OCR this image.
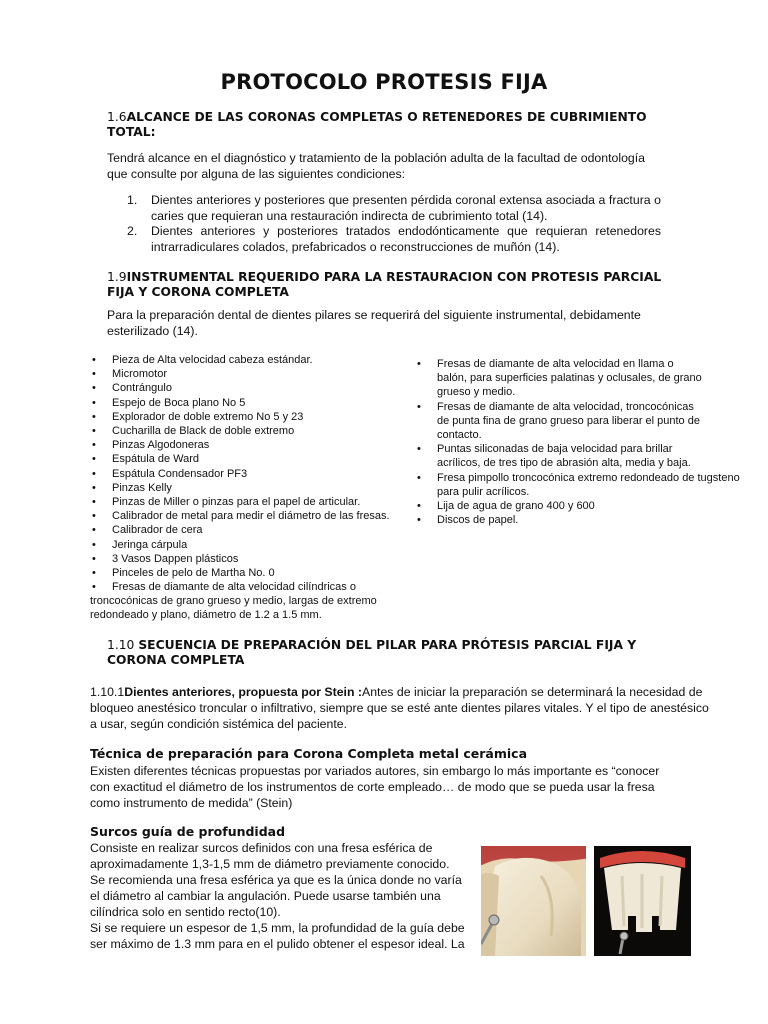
PROTOCOLO PROTESIS FIJA
1.6ALCANCE DE LAS CORONAS COMPLETAS O RETENEDORES DE CUBRIMIENTO
TOTAL:
Tendrá alcance en el diagnóstico y tratamiento de la población adulta de la facultad de odontología
que consulte por alguna de las siguientes condiciones:
1. Dientes anteriores y posteriores que presenten pérdida coronal extensa asociada a fractura o caries que requieran una restauración indirecta de cubrimiento total (14).
2. Dientes anteriores y posteriores tratados endodónticamente que requieran retenedores intrarradiculares colados, prefabricados o reconstrucciones de muñón (14).
1.9INSTRUMENTAL REQUERIDO PARA LA RESTAURACION CON PROTESIS PARCIAL
FIJA Y CORONA COMPLETA
Para la preparación dental de dientes pilares se requerirá del siguiente instrumental, debidamente
esterilizado (14).
• Pieza de Alta velocidad cabeza estándar.
• Micromotor
• Contrángulo
• Espejo de Boca plano No 5
• Explorador de doble extremo No 5 y 23
• Cucharilla de Black de doble extremo
• Pinzas Algodoneras
• Espátula de Ward
• Espátula Condensador PF3
• Pinzas Kelly
• Pinzas de Miller o pinzas para el papel de articular.
• Calibrador de metal para medir el diámetro de las fresas.
• Calibrador de cera
• Jeringa cárpula
• 3 Vasos Dappen plásticos
• Pinceles de pelo de Martha No. 0
• Fresas de diamante de alta velocidad cilíndricas o
troncocónicas de grano grueso y medio, largas de extremo
redondeado y plano, diámetro de 1.2 a 1.5 mm.
• Fresas de diamante de alta velocidad en llama o balón, para superficies palatinas y oclusales, de grano grueso y medio.
• Fresas de diamante de alta velocidad, troncocónicas de punta fina de grano grueso para liberar el punto de contacto.
• Puntas siliconadas de baja velocidad para brillar acrílicos, de tres tipo de abrasión alta, media y baja.
• Fresa pimpollo troncocónica extremo redondeado de tugsteno para pulir acrílicos.
• Lija de agua de grano 400 y 600
• Discos de papel.
1.10 SECUENCIA DE PREPARACIÓN DEL PILAR PARA PRÓTESIS PARCIAL FIJA Y
CORONA COMPLETA
1.10.1Dientes anteriores, propuesta por Stein :Antes de iniciar la preparación se determinará la necesidad de
bloqueo anestésico troncular o infiltrativo, siempre que se esté ante dientes pilares vitales. Y el tipo de anestésico
a usar, según condición sistémica del paciente.
Técnica de preparación para Corona Completa metal cerámica
Existen diferentes técnicas propuestas por variados autores, sin embargo lo más importante es “conocer
con exactitud el diámetro de los instrumentos de corte empleado… de modo que se pueda usar la fresa
como instrumento de medida” (Stein)
Surcos guía de profundidad
Consiste en realizar surcos definidos con una fresa esférica de
aproximadamente 1,3-1,5 mm de diámetro previamente conocido.
Se recomienda una fresa esférica ya que es la única donde no varía
el diámetro al cambiar la angulación. Puede usarse también una
cilíndrica solo en sentido recto(10).
Si se requiere un espesor de 1,5 mm, la profundidad de la guía debe
ser máximo de 1.3 mm para en el pulido obtener el espesor ideal. La
